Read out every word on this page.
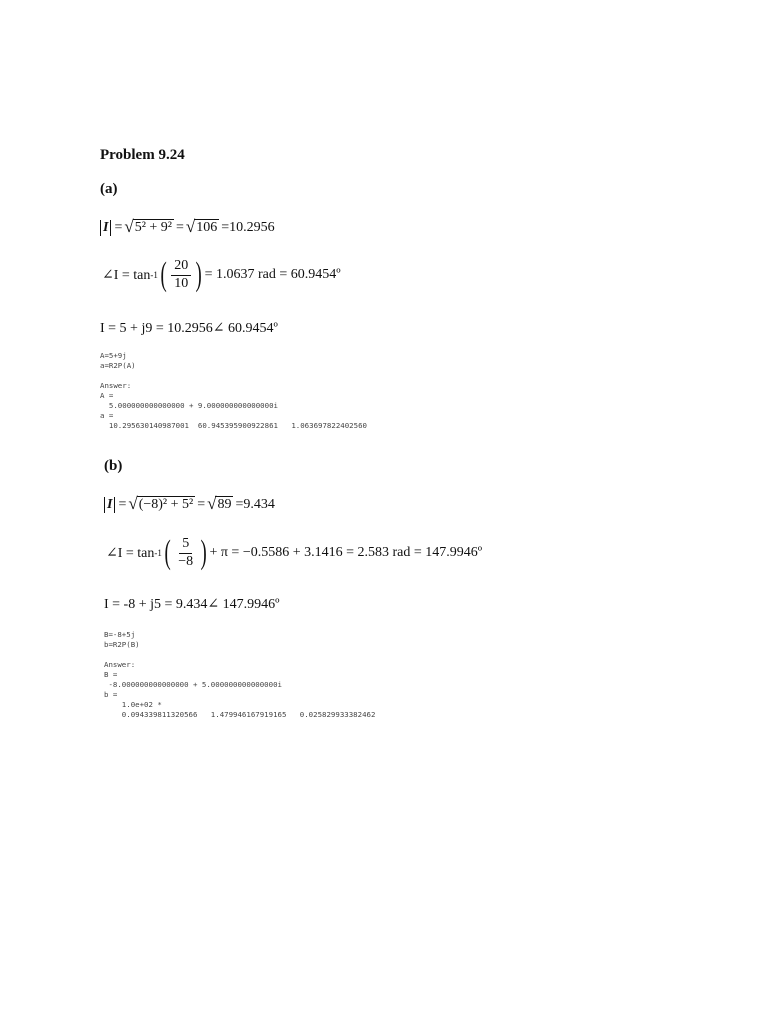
Problem 9.24
(a)
I = √ 5² + 9² = √ 106 = 10.2956
∠I = tan -1 ( $\frac{20}{10}$ ) = 1.0637 rad = 60.9454º
I = 5 + j9 = 10.2956∠ 60.9454º
A=5+9j
a=R2P(A)

Answer:
A =
5.000000000000000 + 9.000000000000000i
a =
10.295630140987001  60.945395900922861   1.063697822402560
(b)
I = √ (−8)² + 5² = √ 89 = 9.434
∠I = tan -1 ( $\frac{5}{-8}$ ) + π = −0.5586 + 3.1416 = 2.583 rad = 147.9946º
I = -8 + j5 = 9.434∠ 147.9946º
B=-8+5j
b=R2P(B)

Answer:
B =
-8.000000000000000 + 5.000000000000000i
b =
1.0e+02 *
0.094339811320566   1.479946167919165   0.025829933382462
